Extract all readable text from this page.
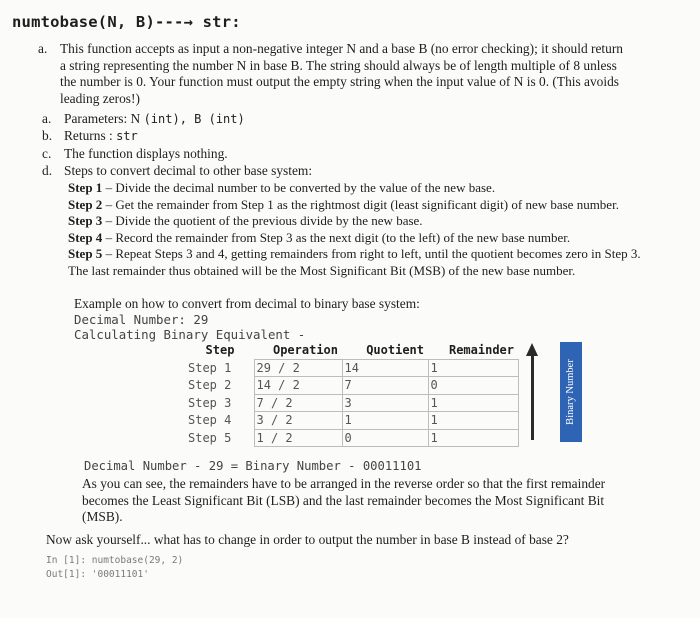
numtobase(N, B)---→ str:
a. This function accepts as input a non-negative integer N and a base B (no error checking); it should return
a string representing the number N in base B. The string should always be of length multiple of 8 unless
the number is 0. Your function must output the empty string when the input value of N is 0. (This avoids
leading zeros!)
a. Parameters: N (int), B (int)
b. Returns : str
c. The function displays nothing.
d. Steps to convert decimal to other base system:
Step 1 – Divide the decimal number to be converted by the value of the new base.
Step 2 – Get the remainder from Step 1 as the rightmost digit (least significant digit) of new base number.
Step 3 – Divide the quotient of the previous divide by the new base.
Step 4 – Record the remainder from Step 3 as the next digit (to the left) of the new base number.
Step 5 – Repeat Steps 3 and 4, getting remainders from right to left, until the quotient becomes zero in Step 3.
The last remainder thus obtained will be the Most Significant Bit (MSB) of the new base number.
Example on how to convert from decimal to binary base system:
Decimal Number: 29
Calculating Binary Equivalent -
Step	Operation	Quotient	Remainder
Step 1	29 / 2	14	1
Step 2	14 / 2	7	0
Step 3	7 / 2	3	1
Step 4	3 / 2	1	1
Step 5	1 / 2	0	1
Binary Number
Decimal Number - 29 = Binary Number - 00011101
As you can see, the remainders have to be arranged in the reverse order so that the first remainder
becomes the Least Significant Bit (LSB) and the last remainder becomes the Most Significant Bit
(MSB).
Now ask yourself... what has to change in order to output the number in base B instead of base 2?
In [1]: numtobase(29, 2)
Out[1]: '00011101'
